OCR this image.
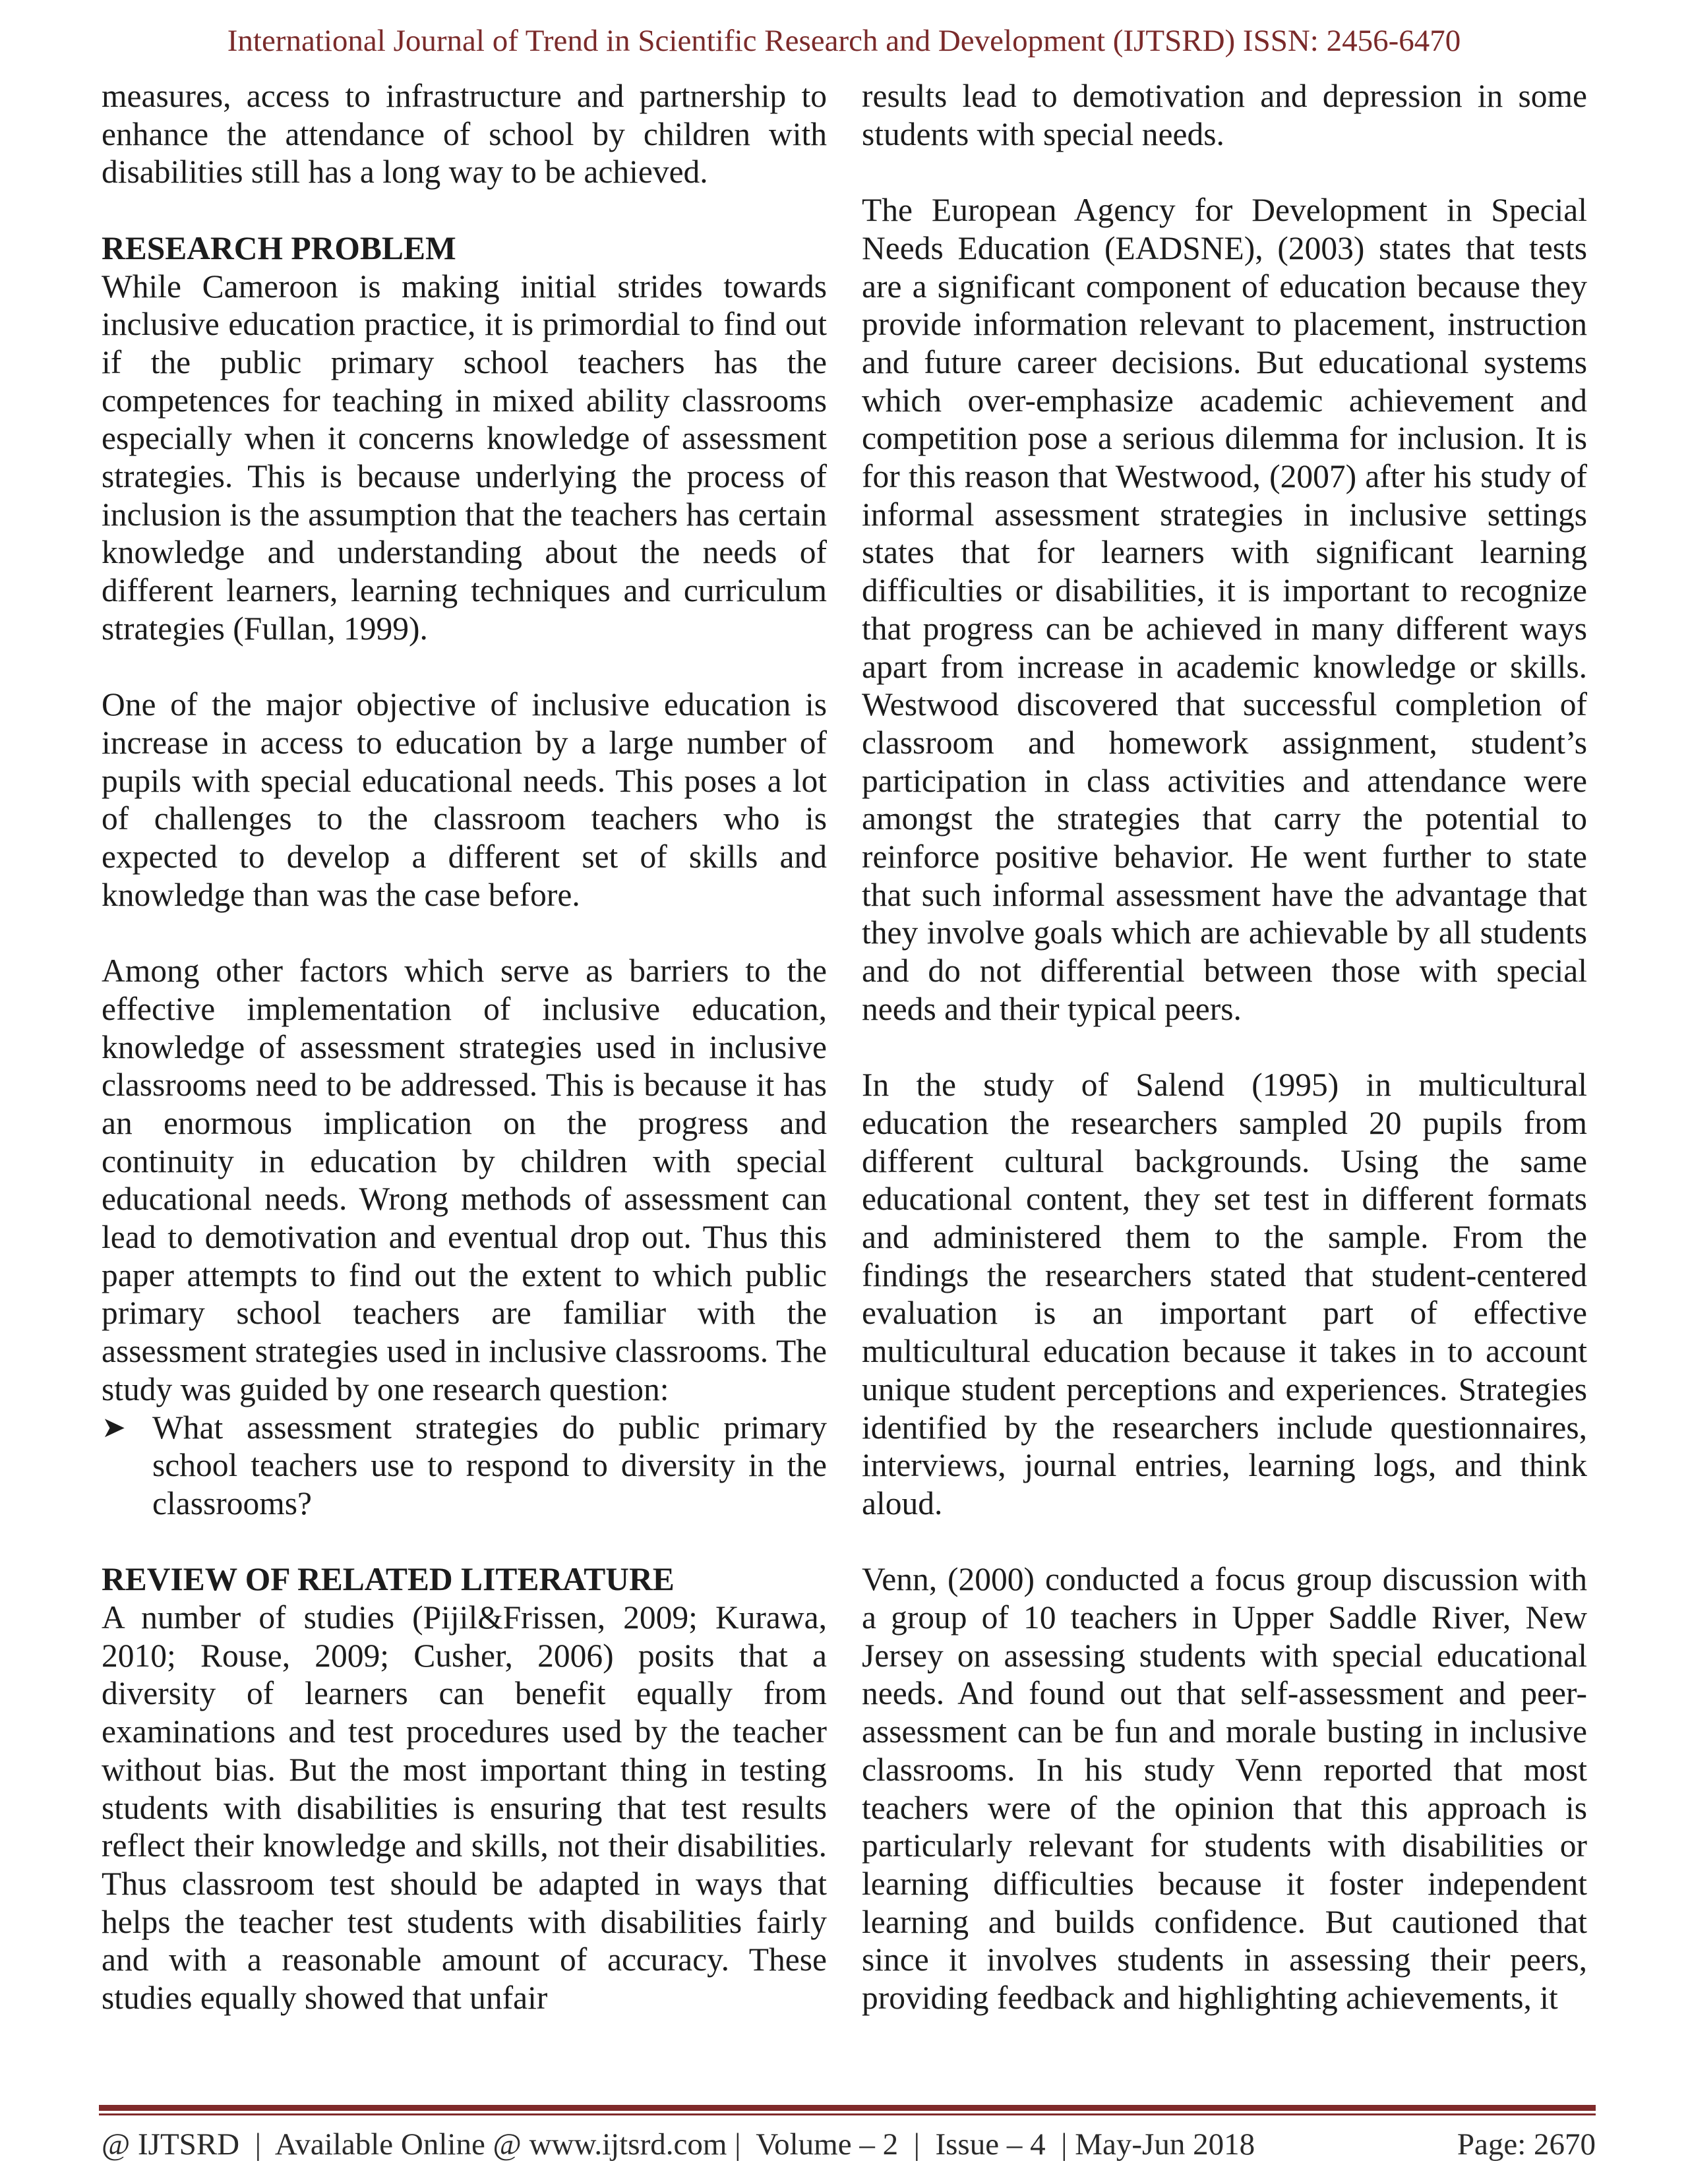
International Journal of Trend in Scientific Research and Development (IJTSRD) ISSN: 2456-6470

measures, access to infrastructure and partnership to enhance the attendance of school by children with disabilities still has a long way to be achieved.

RESEARCH PROBLEM

While Cameroon is making initial strides towards inclusive education practice, it is primordial to find out if the public primary school teachers has the competences for teaching in mixed ability classrooms especially when it concerns knowledge of assessment strategies. This is because underlying the process of inclusion is the assumption that the teachers has certain knowledge and understanding about the needs of different learners, learning techniques and curriculum strategies (Fullan, 1999).

One of the major objective of inclusive education is increase in access to education by a large number of pupils with special educational needs. This poses a lot of challenges to the classroom teachers who is expected to develop a different set of skills and knowledge than was the case before.

Among other factors which serve as barriers to the effective implementation of inclusive education, knowledge of assessment strategies used in inclusive classrooms need to be addressed. This is because it has an enormous implication on the progress and continuity in education by children with special educational needs. Wrong methods of assessment can lead to demotivation and eventual drop out. Thus this paper attempts to find out the extent to which public primary school teachers are familiar with the assessment strategies used in inclusive classrooms. The study was guided by one research question:

➤ What assessment strategies do public primary school teachers use to respond to diversity in the classrooms?

REVIEW OF RELATED LITERATURE

A number of studies (Pijil&Frissen, 2009; Kurawa, 2010; Rouse, 2009; Cusher, 2006) posits that a diversity of learners can benefit equally from examinations and test procedures used by the teacher without bias. But the most important thing in testing students with disabilities is ensuring that test results reflect their knowledge and skills, not their disabilities. Thus classroom test should be adapted in ways that helps the teacher test students with disabilities fairly and with a reasonable amount of accuracy. These studies equally showed that unfair

results lead to demotivation and depression in some students with special needs.

The European Agency for Development in Special Needs Education (EADSNE), (2003) states that tests are a significant component of education because they provide information relevant to placement, instruction and future career decisions. But educational systems which over-emphasize academic achievement and competition pose a serious dilemma for inclusion. It is for this reason that Westwood, (2007) after his study of informal assessment strategies in inclusive settings states that for learners with significant learning difficulties or disabilities, it is important to recognize that progress can be achieved in many different ways apart from increase in academic knowledge or skills. Westwood discovered that successful completion of classroom and homework assignment, student’s participation in class activities and attendance were amongst the strategies that carry the potential to reinforce positive behavior. He went further to state that such informal assessment have the advantage that they involve goals which are achievable by all students and do not differential between those with special needs and their typical peers.

In the study of Salend (1995) in multicultural education the researchers sampled 20 pupils from different cultural backgrounds. Using the same educational content, they set test in different formats and administered them to the sample. From the findings the researchers stated that student-centered evaluation is an important part of effective multicultural education because it takes in to account unique student perceptions and experiences. Strategies identified by the researchers include questionnaires, interviews, journal entries, learning logs, and think aloud.

Venn, (2000) conducted a focus group discussion with a group of 10 teachers in Upper Saddle River, New Jersey on assessing students with special educational needs. And found out that self-assessment and peer-assessment can be fun and morale busting in inclusive classrooms. In his study Venn reported that most teachers were of the opinion that this approach is particularly relevant for students with disabilities or learning difficulties because it foster independent learning and builds confidence. But cautioned that since it involves students in assessing their peers, providing feedback and highlighting achievements, it

@ IJTSRD  |  Available Online @ www.ijtsrd.com |  Volume – 2  |  Issue – 4  | May-Jun 2018	Page: 2670
